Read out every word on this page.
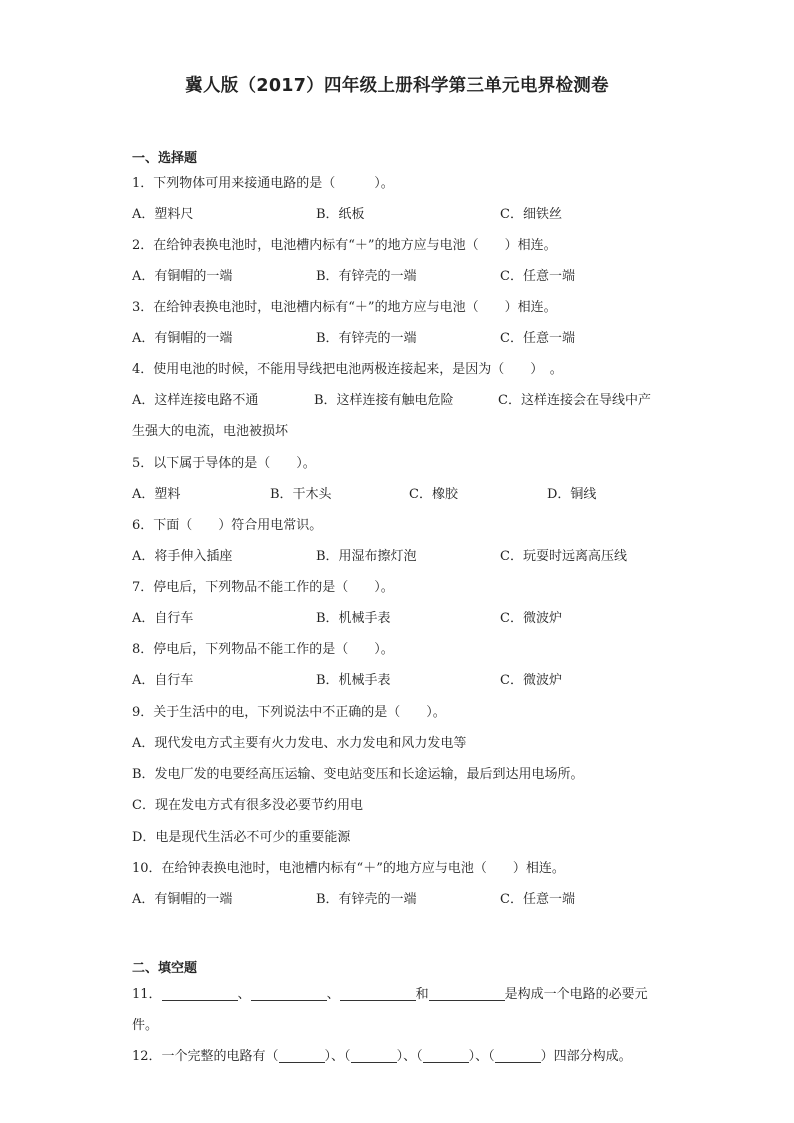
冀人版（2017）四年级上册科学第三单元电界检测卷
一、选择题
1．下列物体可用来接通电路的是（　　　）。
A．塑料尺	B．纸板	C．细铁丝
2．在给钟表换电池时，电池槽内标有“＋”的地方应与电池（　　）相连。
A．有铜帽的一端	B．有锌壳的一端	C．任意一端
3．在给钟表换电池时，电池槽内标有“＋”的地方应与电池（　　）相连。
A．有铜帽的一端	B．有锌壳的一端	C．任意一端
4．使用电池的时候，不能用导线把电池两极连接起来，是因为（　　）　。
A．这样连接电路不通	B．这样连接有触电危险	C．这样连接会在导线中产
生强大的电流，电池被损坏
5．以下属于导体的是（　　）。
A．塑料	B．干木头	C．橡胶	D．铜线
6．下面（　　）符合用电常识。
A．将手伸入插座	B．用湿布擦灯泡	C．玩耍时远离高压线
7．停电后，下列物品不能工作的是（　　）。
A．自行车	B．机械手表	C．微波炉
8．停电后，下列物品不能工作的是（　　）。
A．自行车	B．机械手表	C．微波炉
9．关于生活中的电，下列说法中不正确的是（　　）。
A．现代发电方式主要有火力发电、水力发电和风力发电等
B．发电厂发的电要经高压运输、变电站变压和长途运输，最后到达用电场所。
C．现在发电方式有很多没必要节约用电
D．电是现代生活必不可少的重要能源
10．在给钟表换电池时，电池槽内标有“＋”的地方应与电池（　　）相连。
A．有铜帽的一端	B．有锌壳的一端	C．任意一端
二、填空题
11．	、	、	和	是构成一个电路的必要元
件。
12．一个完整的电路有（	）、（	）、（	）、（	）四部分构成。
